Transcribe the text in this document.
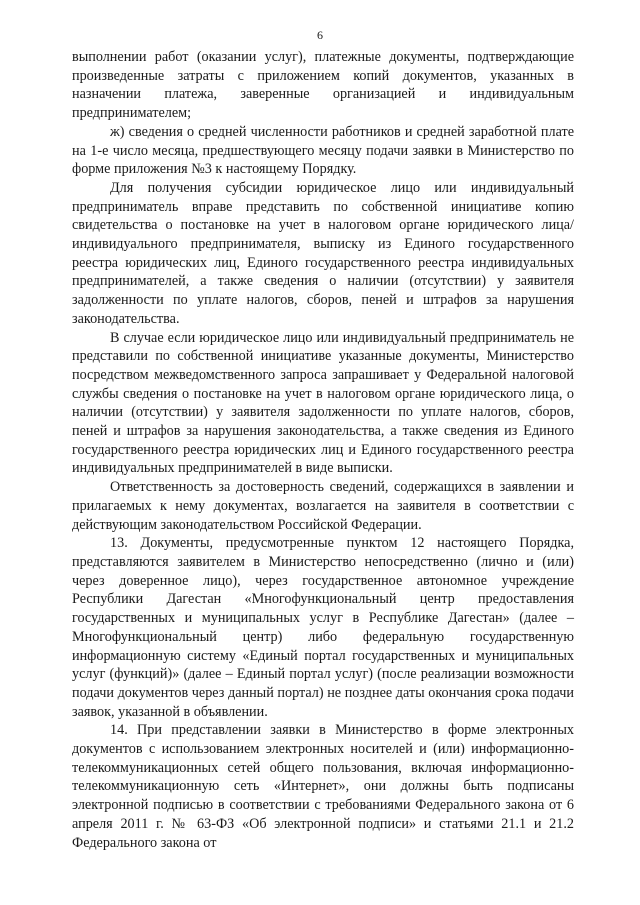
6

выполнении работ (оказании услуг), платежные документы, подтверждающие произведенные затраты с приложением копий документов, указанных в назначении платежа, заверенные организацией и индивидуальным предпринимателем;

ж) сведения о средней численности работников и средней заработной плате на 1-е число месяца, предшествующего месяцу подачи заявки в Министерство по форме приложения №3 к настоящему Порядку.

Для получения субсидии юридическое лицо или индивидуальный предприниматель вправе представить по собственной инициативе копию свидетельства о постановке на учет в налоговом органе юридического лица/индивидуального предпринимателя, выписку из Единого государственного реестра юридических лиц, Единого государственного реестра индивидуальных предпринимателей, а также сведения о наличии (отсутствии) у заявителя задолженности по уплате налогов, сборов, пеней и штрафов за нарушения законодательства.

В случае если юридическое лицо или индивидуальный предприниматель не представили по собственной инициативе указанные документы, Министерство посредством межведомственного запроса запрашивает у Федеральной налоговой службы сведения о постановке на учет в налоговом органе юридического лица, о наличии (отсутствии) у заявителя задолженности по уплате налогов, сборов, пеней и штрафов за нарушения законодательства, а также сведения из Единого государственного реестра юридических лиц и Единого государственного реестра индивидуальных предпринимателей в виде выписки.

Ответственность за достоверность сведений, содержащихся в заявлении и прилагаемых к нему документах, возлагается на заявителя в соответствии с действующим законодательством Российской Федерации.

13. Документы, предусмотренные пунктом 12 настоящего Порядка, представляются заявителем в Министерство непосредственно (лично и (или) через доверенное лицо), через государственное автономное учреждение Республики Дагестан «Многофункциональный центр предоставления государственных и муниципальных услуг в Республике Дагестан» (далее – Многофункциональный центр) либо федеральную государственную информационную систему «Единый портал государственных и муниципальных услуг (функций)» (далее – Единый портал услуг) (после реализации возможности подачи документов через данный портал) не позднее даты окончания срока подачи заявок, указанной в объявлении.

14. При представлении заявки в Министерство в форме электронных документов с использованием электронных носителей и (или) информационно-телекоммуникационных сетей общего пользования, включая информационно-телекоммуникационную сеть «Интернет», они должны быть подписаны электронной подписью в соответствии с требованиями Федерального закона от 6 апреля 2011 г. № 63-ФЗ «Об электронной подписи» и статьями 21.1 и 21.2 Федерального закона от
